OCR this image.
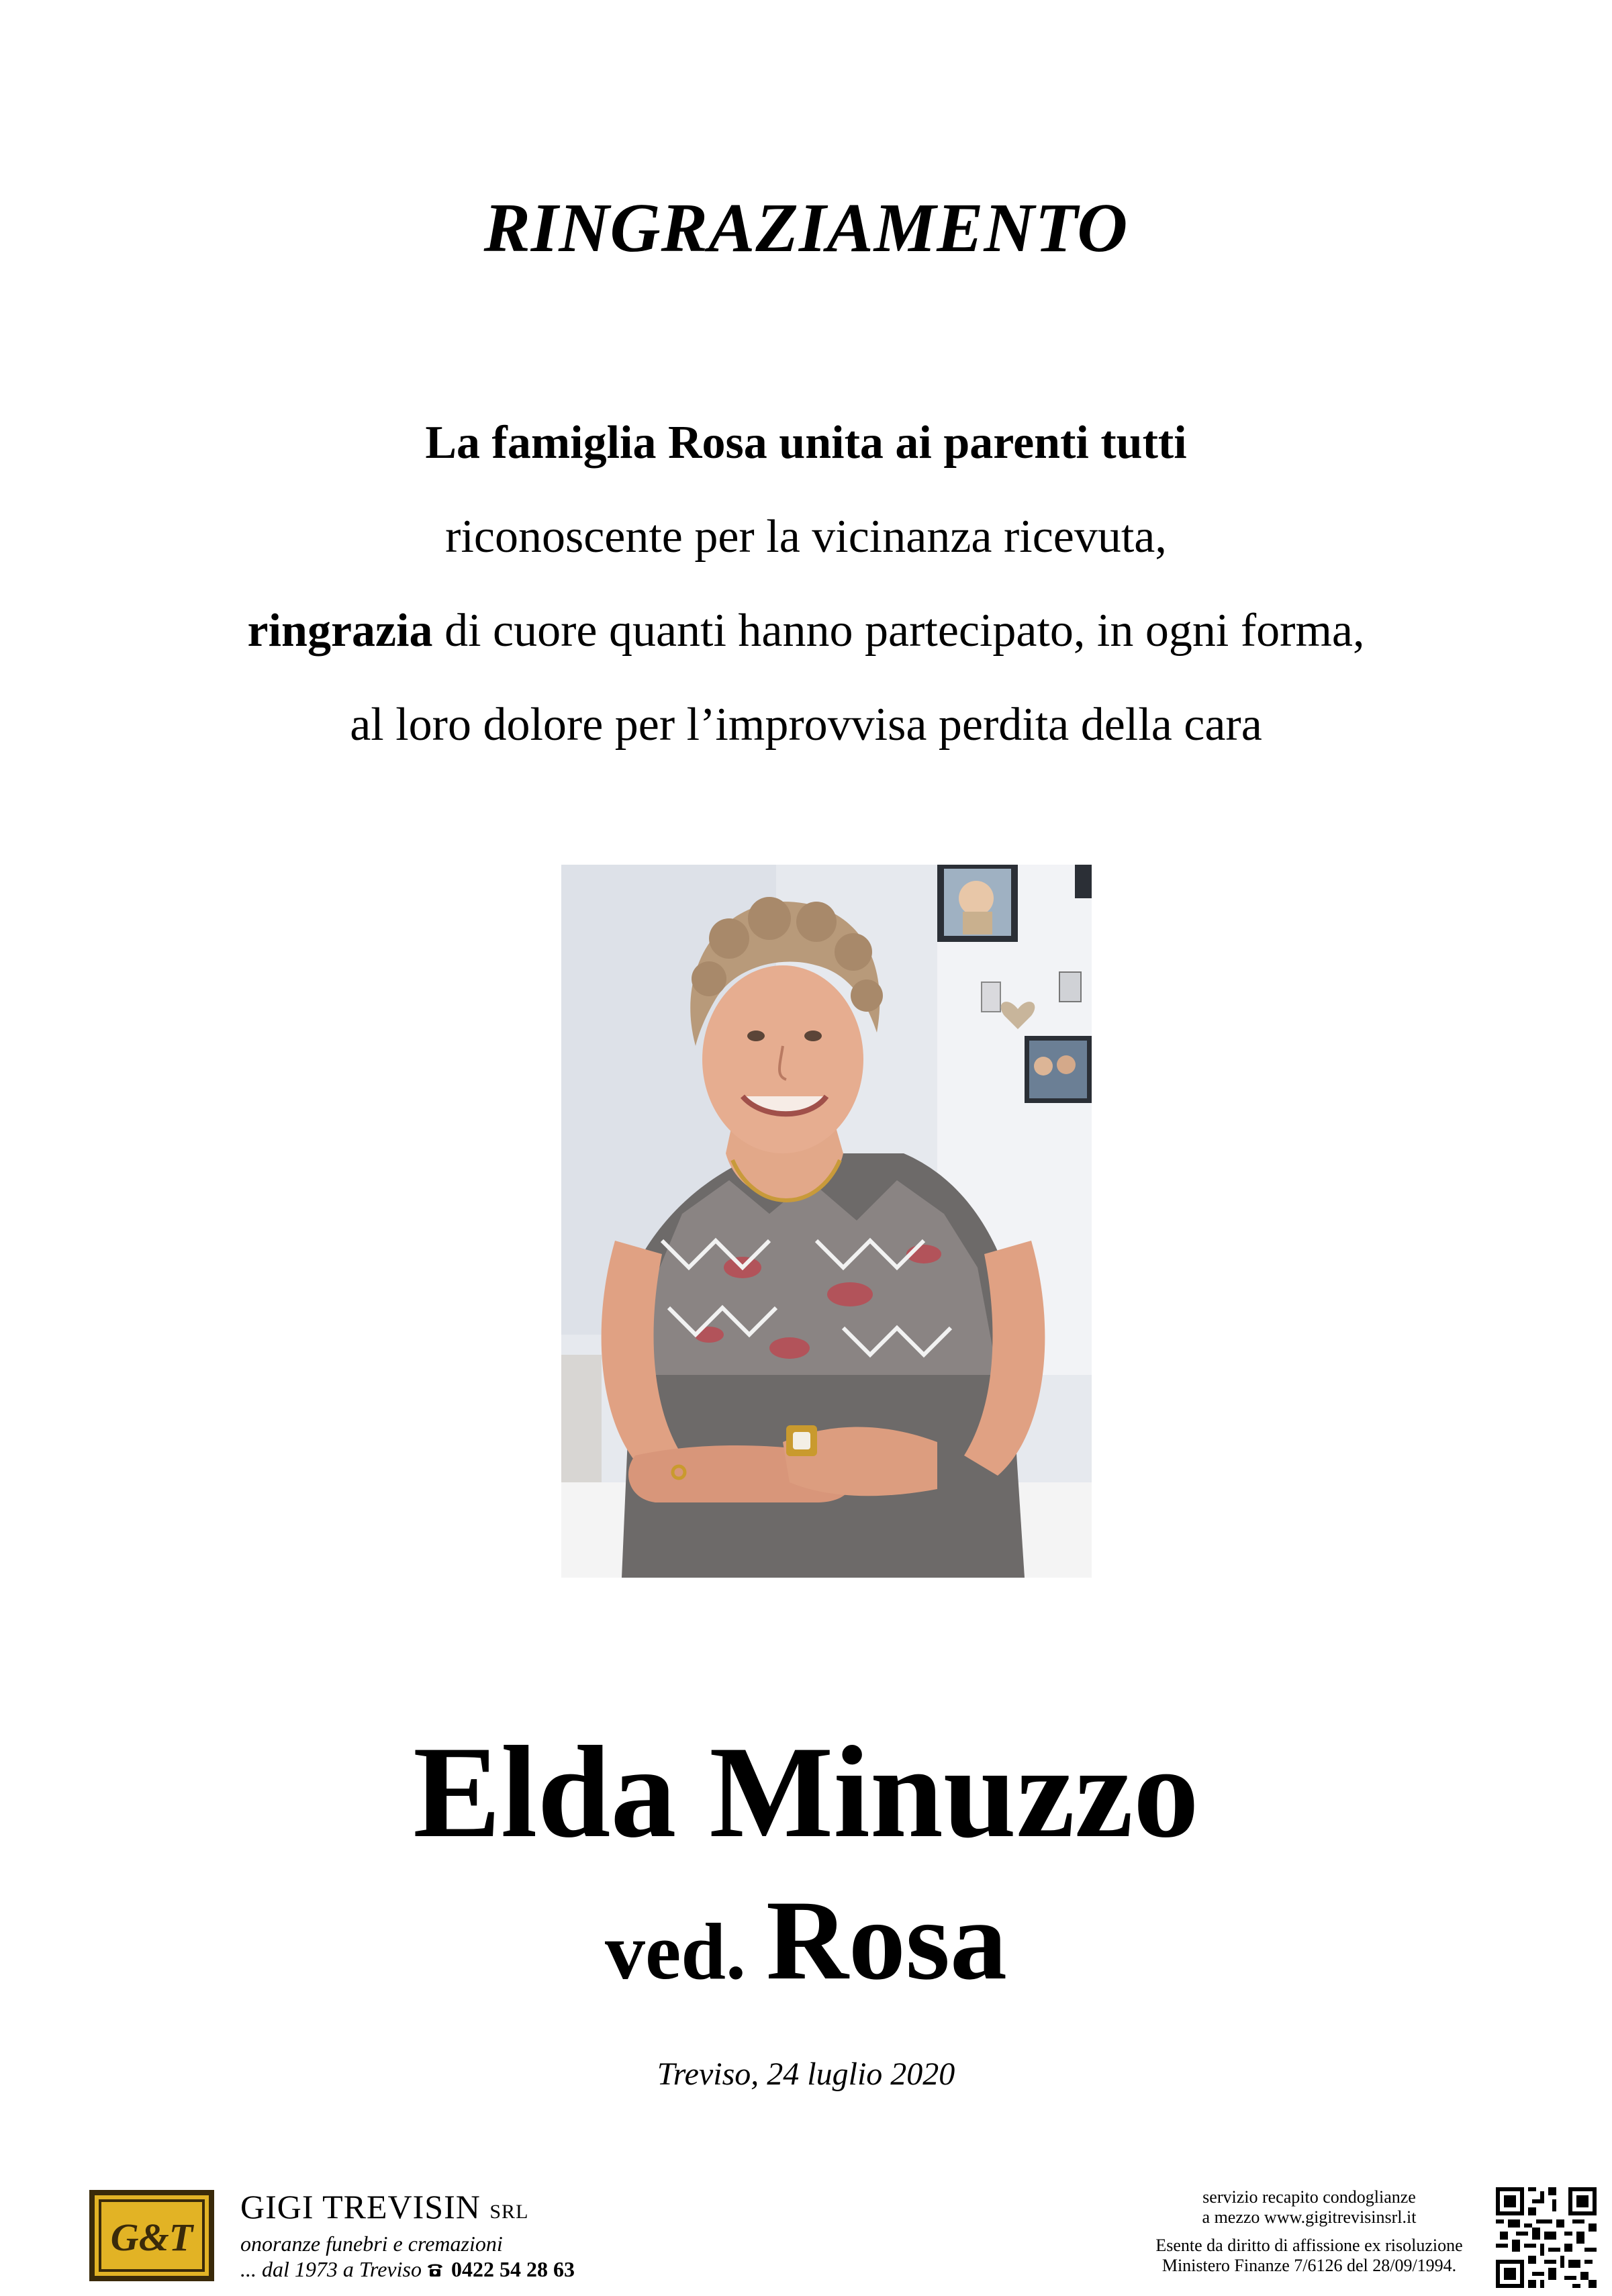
RINGRAZIAMENTO
La famiglia Rosa unita ai parenti tutti
riconoscente per la vicinanza ricevuta,
ringrazia di cuore quanti hanno partecipato, in ogni forma,
al loro dolore per l’improvvisa perdita della cara
Elda Minuzzo
ved. Rosa
Treviso, 24 luglio 2020
G&T
GIGI TREVISIN SRL
onoranze funebri e cremazioni
... dal 1973 a Treviso 0422 54 28 63
servizio recapito condoglianze
a mezzo www.gigitrevisinsrl.it
Esente da diritto di affissione ex risoluzione
Ministero Finanze 7/6126 del 28/09/1994.
